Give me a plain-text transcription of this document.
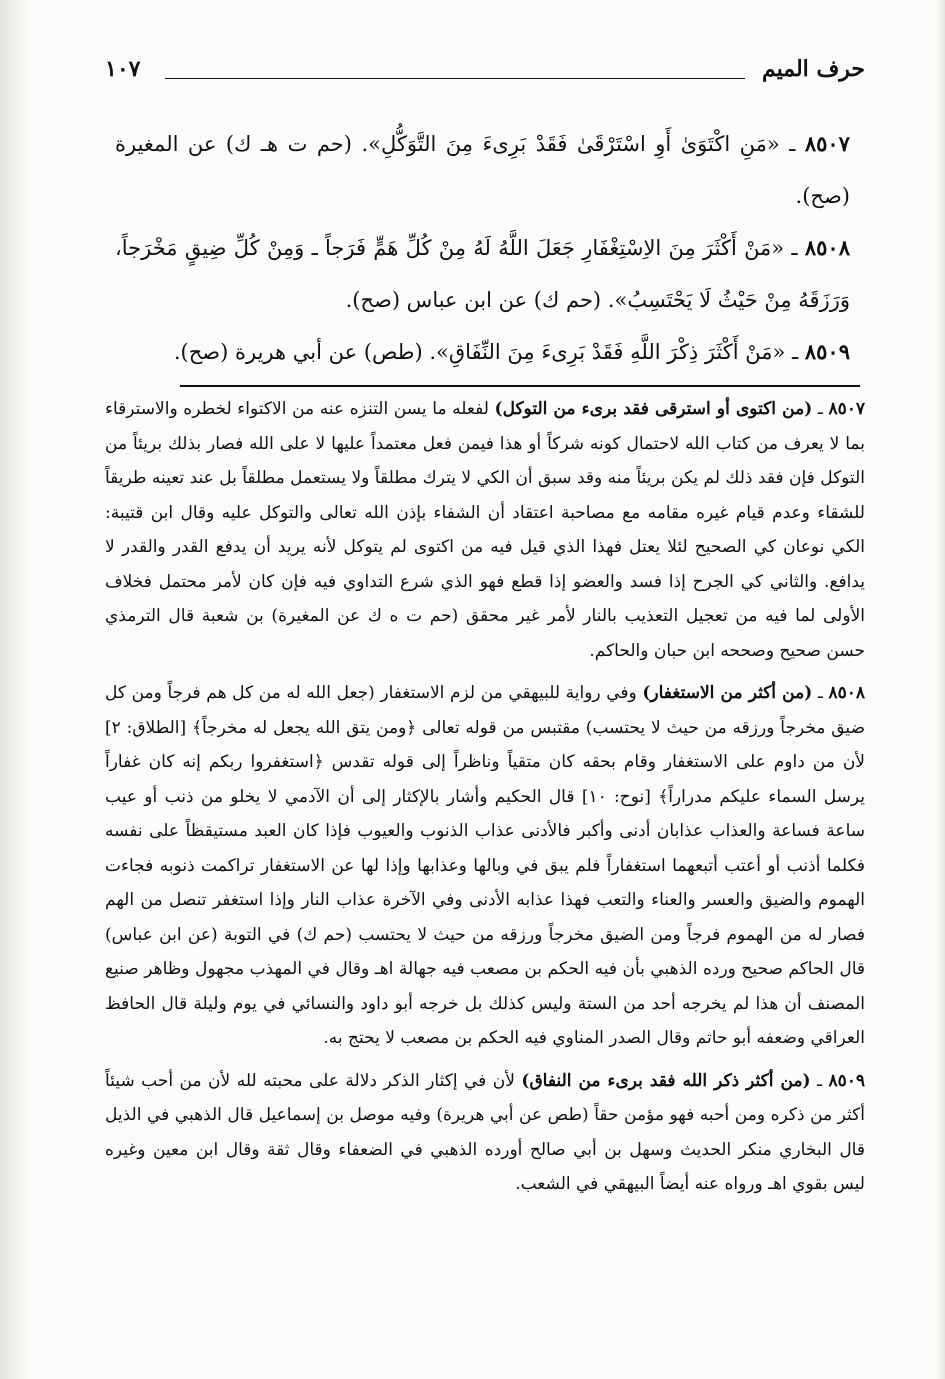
حرف الميم
١٠٧

٨٥٠٧ ـ «مَنِ اكْتَوَىٰ أَوِ اسْتَرْقَىٰ فَقَدْ بَرِىءَ مِنَ التَّوَكُّلِ». (حم ت هـ ك) عن المغيرة (صح).

٨٥٠٨ ـ «مَنْ أَكْثَرَ مِنَ الاِسْتِغْفَارِ جَعَلَ اللَّهُ لَهُ مِنْ كُلِّ هَمٍّ فَرَجاً ـ وَمِنْ كُلِّ ضِيقٍ مَخْرَجاً، وَرَزَقَهُ مِنْ حَيْثُ لَا يَحْتَسِبُ». (حم ك) عن ابن عباس (صح).

٨٥٠٩ ـ «مَنْ أَكْثَرَ ذِكْرَ اللَّهِ فَقَدْ بَرِىءَ مِنَ النِّفَاقِ». (طص) عن أبي هريرة (صح).

٨٥٠٧ ـ (من اكتوى أو استرقى فقد برىء من التوكل) لفعله ما يسن التنزه عنه من الاكتواء لخطره والاسترقاء بما لا يعرف من كتاب الله لاحتمال كونه شركاً أو هذا فيمن فعل معتمداً عليها لا على الله فصار بذلك بريئاً من التوكل فإن فقد ذلك لم يكن بريئاً منه وقد سبق أن الكي لا يترك مطلقاً ولا يستعمل مطلقاً بل عند تعينه طريقاً للشقاء وعدم قيام غيره مقامه مع مصاحبة اعتقاد أن الشفاء بإذن الله تعالى والتوكل عليه وقال ابن قتيبة: الكي نوعان كي الصحيح لئلا يعتل فهذا الذي قيل فيه من اكتوى لم يتوكل لأنه يريد أن يدفع القدر والقدر لا يدافع. والثاني كي الجرح إذا فسد والعضو إذا قطع فهو الذي شرع التداوي فيه فإن كان لأمر محتمل فخلاف الأولى لما فيه من تعجيل التعذيب بالنار لأمر غير محقق (حم ت ه ك عن المغيرة) بن شعبة قال الترمذي حسن صحيح وصححه ابن حبان والحاكم.

٨٥٠٨ ـ (من أكثر من الاستغفار) وفي رواية للبيهقي من لزم الاستغفار (جعل الله له من كل هم فرجاً ومن كل ضيق مخرجاً ورزقه من حيث لا يحتسب) مقتبس من قوله تعالى ﴿ومن يتق الله يجعل له مخرجاً﴾ [الطلاق: ٢] لأن من داوم على الاستغفار وقام بحقه كان متقياً وناظراً إلى قوله تقدس ﴿استغفروا ربكم إنه كان غفاراً يرسل السماء عليكم مدراراً﴾ [نوح: ١٠] قال الحكيم وأشار بالإكثار إلى أن الآدمي لا يخلو من ذنب أو عيب ساعة فساعة والعذاب عذابان أدنى وأكبر فالأدنى عذاب الذنوب والعيوب فإذا كان العبد مستيقظاً على نفسه فكلما أذنب أو أعتب أتبعهما استغفاراً فلم يبق في وبالها وعذابها وإذا لها عن الاستغفار تراكمت ذنوبه فجاءت الهموم والضيق والعسر والعناء والتعب فهذا عذابه الأدنى وفي الآخرة عذاب النار وإذا استغفر تنصل من الهم فصار له من الهموم فرجاً ومن الضيق مخرجاً ورزقه من حيث لا يحتسب (حم ك) في التوبة (عن ابن عباس) قال الحاكم صحيح ورده الذهبي بأن فيه الحكم بن مصعب فيه جهالة اهـ وقال في المهذب مجهول وظاهر صنيع المصنف أن هذا لم يخرجه أحد من الستة وليس كذلك بل خرجه أبو داود والنسائي في يوم وليلة قال الحافظ العراقي وضعفه أبو حاتم وقال الصدر المناوي فيه الحكم بن مصعب لا يحتج به.

٨٥٠٩ ـ (من أكثر ذكر الله فقد برىء من النفاق) لأن في إكثار الذكر دلالة على محبته لله لأن من أحب شيئاً أكثر من ذكره ومن أحبه فهو مؤمن حقاً (طص عن أبي هريرة) وفيه موصل بن إسماعيل قال الذهبي في الذيل قال البخاري منكر الحديث وسهل بن أبي صالح أورده الذهبي في الضعفاء وقال ثقة وقال ابن معين وغيره ليس بقوي اهـ ورواه عنه أيضاً البيهقي في الشعب.
